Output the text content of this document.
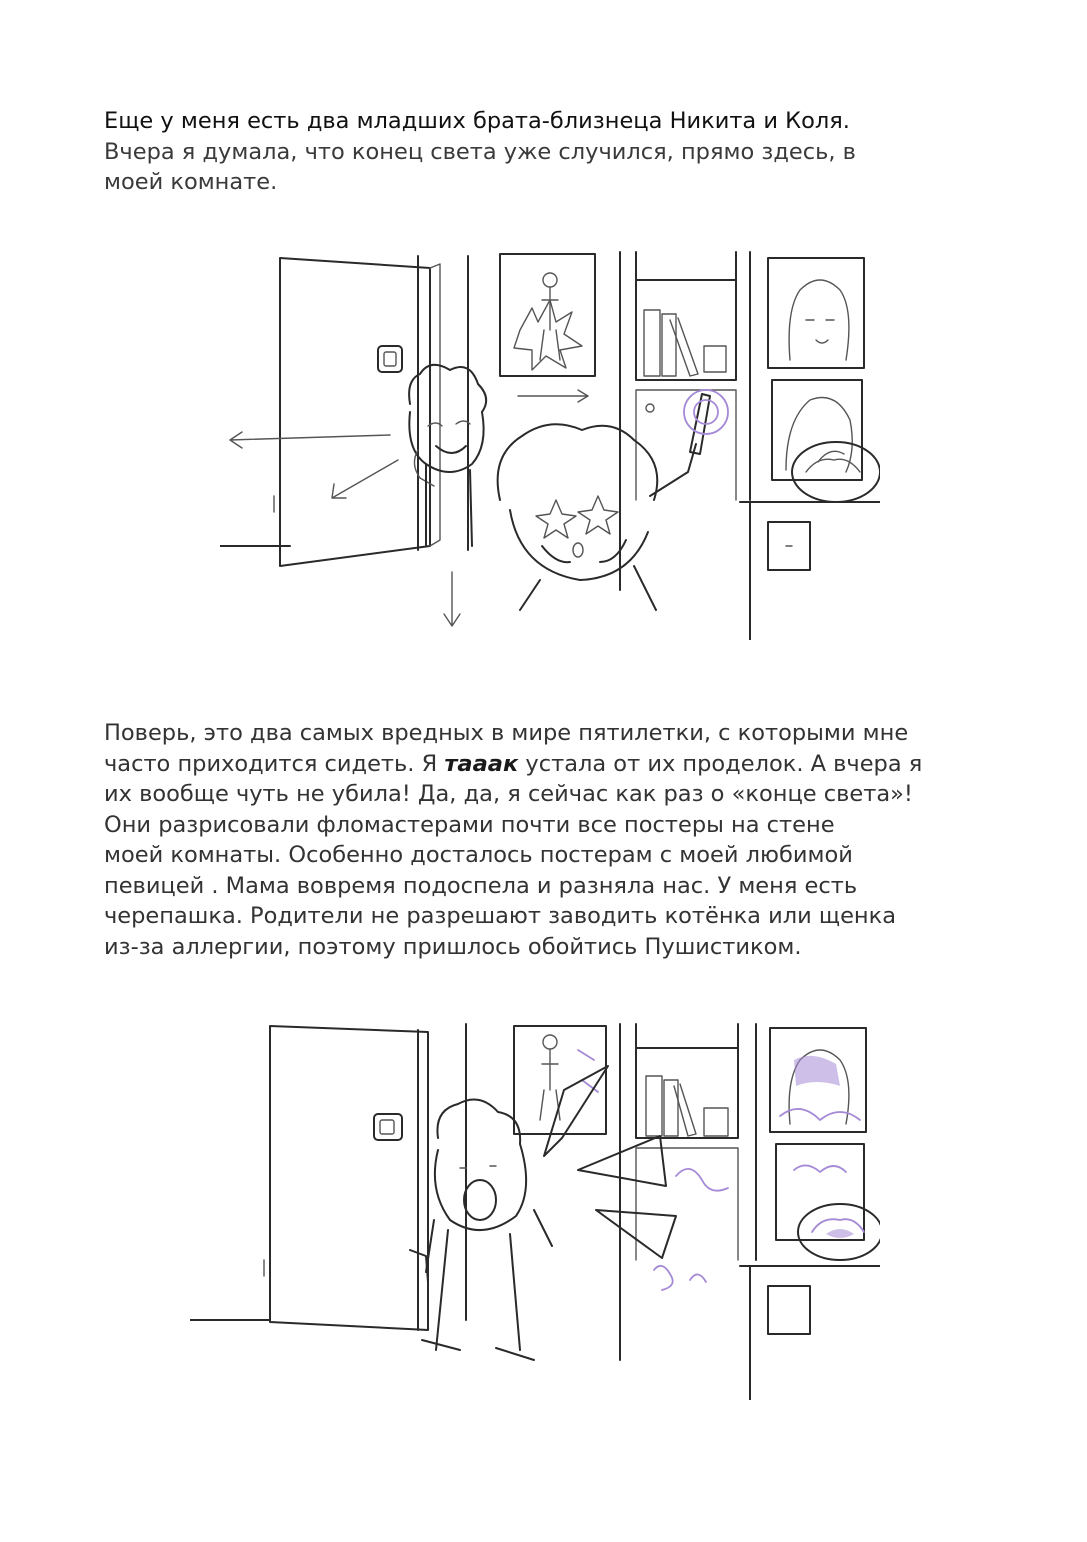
Еще у меня есть два младших брата-близнеца Никита и Коля.
Вчера я думала, что конец света уже случился, прямо здесь, в
моей комнате.
Поверь, это два самых вредных в мире пятилетки, с которыми мне
часто приходится сидеть. Я тааак устала от их проделок. А вчера я
их вообще чуть не убила! Да, да, я сейчас как раз о «конце света»!
Они разрисовали фломастерами почти все постеры на стене
моей комнаты. Особенно досталось постерам с моей любимой
певицей . Мама вовремя подоспела и разняла нас. У меня есть
черепашка. Родители не разрешают заводить котёнка или щенка
из-за аллергии, поэтому пришлось обойтись Пушистиком.
